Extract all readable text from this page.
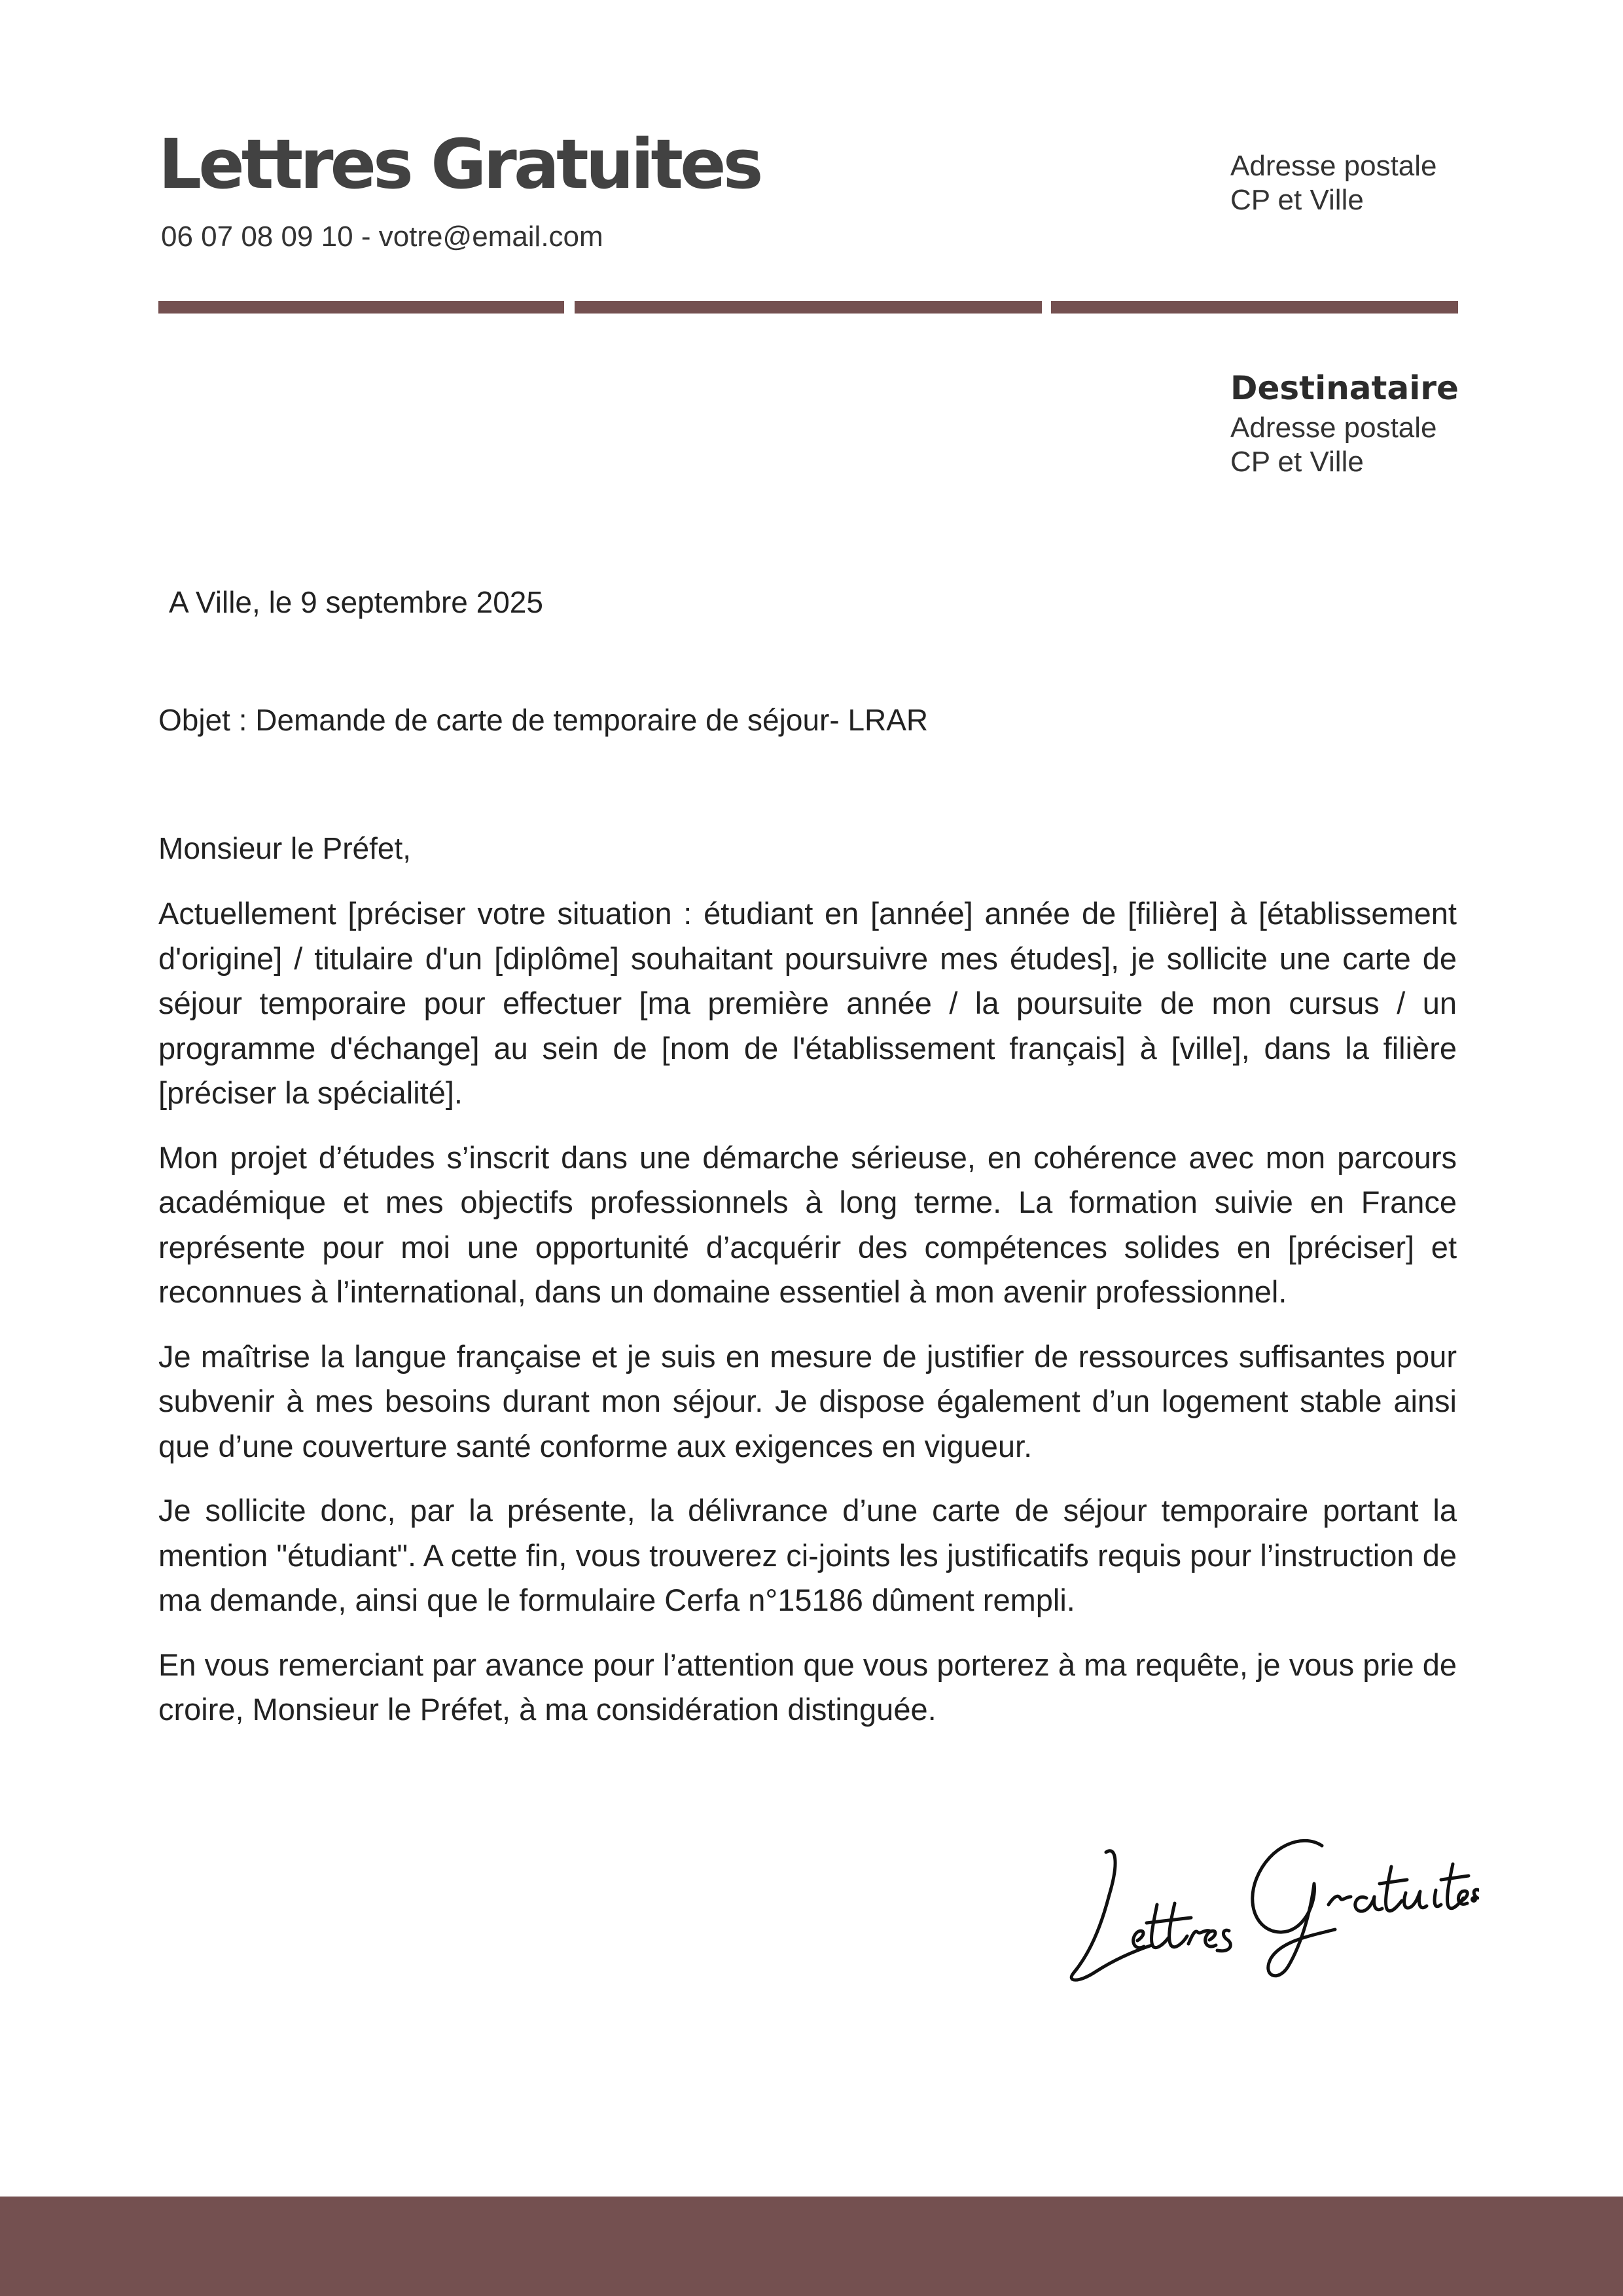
Lettres Gratuites
06 07 08 09 10 - votre@email.com
Adresse postale
CP et Ville
Destinataire
Adresse postale
CP et Ville
A Ville, le 9 septembre 2025
Objet : Demande de carte de temporaire de séjour- LRAR
Monsieur le Préfet,

Actuellement [préciser votre situation : étudiant en [année] année de [filière] à [établissement d'origine] / titulaire d'un [diplôme] souhaitant poursuivre mes études], je sollicite une carte de séjour temporaire pour effectuer [ma première année / la poursuite de mon cursus / un programme d'échange] au sein de [nom de l'établissement français] à [ville], dans la filière [préciser la spécialité].

Mon projet d’études s’inscrit dans une démarche sérieuse, en cohérence avec mon parcours académique et mes objectifs professionnels à long terme. La formation suivie en France représente pour moi une opportunité d’acquérir des compétences solides en [préciser] et reconnues à l’international, dans un domaine essentiel à mon avenir professionnel.

Je maîtrise la langue française et je suis en mesure de justifier de ressources suffisantes pour subvenir à mes besoins durant mon séjour. Je dispose également d’un logement stable ainsi que d’une couverture santé conforme aux exigences en vigueur.

Je sollicite donc, par la présente, la délivrance d’une carte de séjour temporaire portant la mention "étudiant". A cette fin, vous trouverez ci-joints les justificatifs requis pour l’instruction de ma demande, ainsi que le formulaire Cerfa n°15186 dûment rempli.

En vous remerciant par avance pour l’attention que vous porterez à ma requête, je vous prie de croire, Monsieur le Préfet, à ma considération distinguée.
